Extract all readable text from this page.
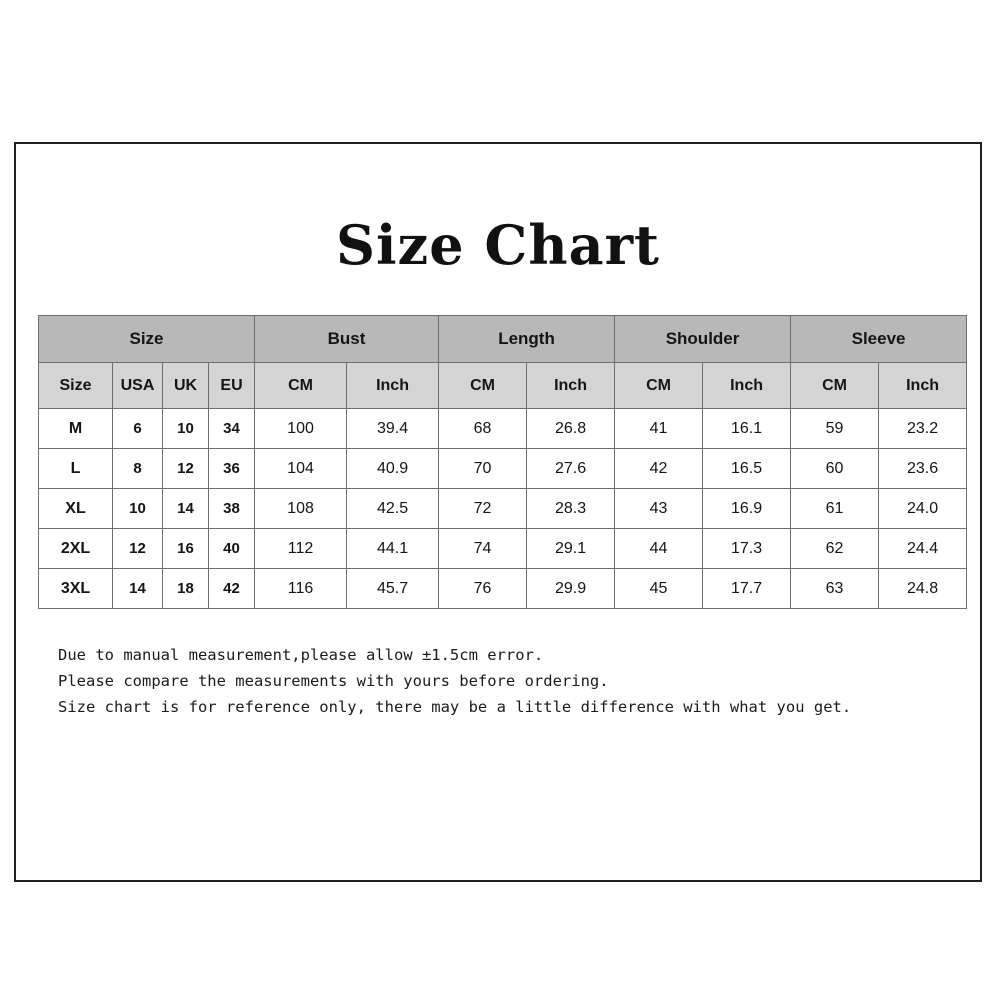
Size Chart
Size				Bust		Length		Shoulder		Sleeve	
Size	USA	UK	EU	CM	Inch	CM	Inch	CM	Inch	CM	Inch
M	6	10	34	100	39.4	68	26.8	41	16.1	59	23.2
L	8	12	36	104	40.9	70	27.6	42	16.5	60	23.6
XL	10	14	38	108	42.5	72	28.3	43	16.9	61	24.0
2XL	12	16	40	112	44.1	74	29.1	44	17.3	62	24.4
3XL	14	18	42	116	45.7	76	29.9	45	17.7	63	24.8
Due to manual measurement,please allow ±1.5cm error.
Please compare the measurements with yours before ordering.
Size chart is for reference only, there may be a little difference with what you get.
